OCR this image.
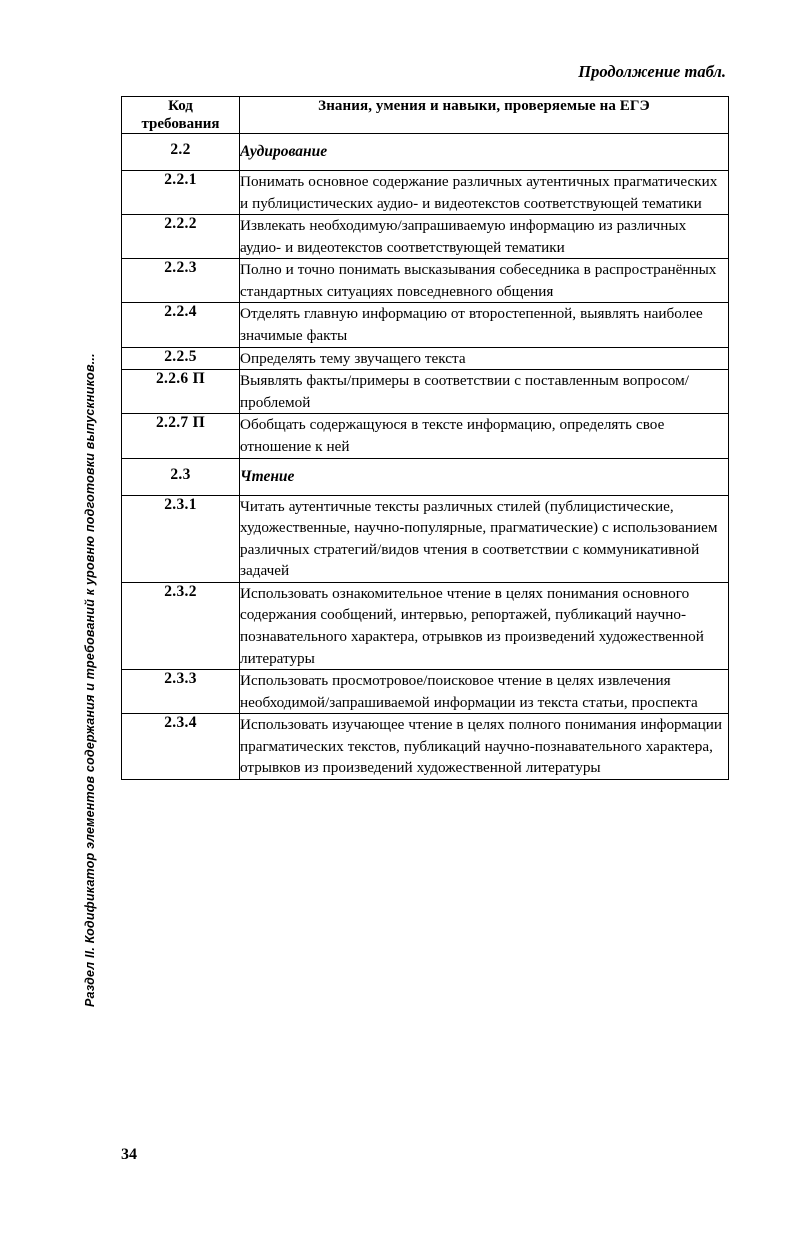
Раздел II. Кодификатор элементов содержания и требований к уровню подготовки выпускников...
Продолжение табл.
Код
требования	Знания, умения и навыки, проверяемые на ЕГЭ
2.2	Аудирование
2.2.1	Понимать основное содержание различных аутентичных прагматических и публицистических аудио- и видеотекстов соответствующей тематики
2.2.2	Извлекать необходимую/запрашиваемую информацию из различных аудио- и видеотекстов соответствующей тематики
2.2.3	Полно и точно понимать высказывания собеседника в распространённых стандартных ситуациях повседневного общения
2.2.4	Отделять главную информацию от второстепенной, выявлять наиболее значимые факты
2.2.5	Определять тему звучащего текста
2.2.6 П	Выявлять факты/примеры в соответствии с поставленным вопросом/проблемой
2.2.7 П	Обобщать содержащуюся в тексте информацию, определять свое отношение к ней
2.3	Чтение
2.3.1	Читать аутентичные тексты различных стилей (публицистические, художественные, научно-популярные, прагматические) с использованием различных стратегий/видов чтения в соответствии с коммуникативной задачей
2.3.2	Использовать ознакомительное чтение в целях понимания основного содержания сообщений, интервью, репортажей, публикаций научно-познавательного характера, отрывков из произведений художественной литературы
2.3.3	Использовать просмотровое/поисковое чтение в целях извлечения необходимой/запрашиваемой информации из текста статьи, проспекта
2.3.4	Использовать изучающее чтение в целях полного понимания информации прагматических текстов, публикаций научно-познавательного характера, отрывков из произведений художественной литературы
34
